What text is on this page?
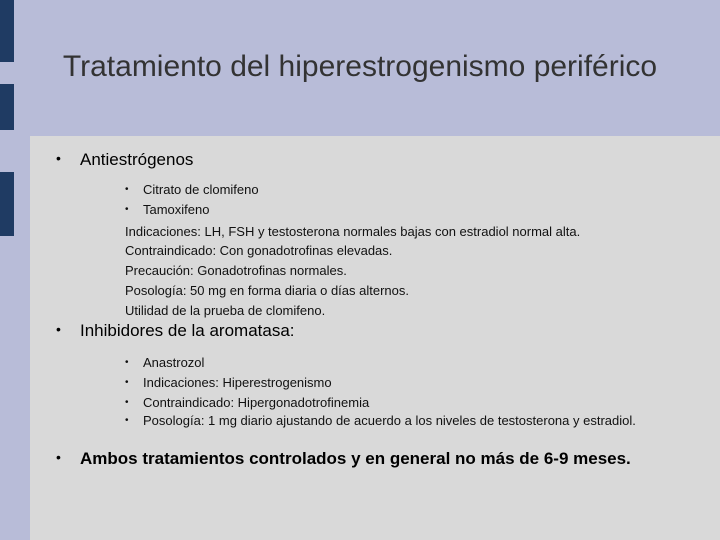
Tratamiento del hiperestrogenismo periférico
• Antiestrógenos
•	Citrato de clomifeno
•	Tamoxifeno
Indicaciones: LH, FSH y testosterona normales bajas con estradiol normal alta.
Contraindicado: Con gonadotrofinas elevadas.
Precaución: Gonadotrofinas normales.
Posología: 50 mg en forma diaria o días alternos.
Utilidad de la prueba de clomifeno.
• Inhibidores de la aromatasa:
•	Anastrozol
•	Indicaciones: Hiperestrogenismo
•	Contraindicado: Hipergonadotrofinemia
•	Posología: 1 mg diario ajustando de acuerdo a los niveles de testosterona y estradiol.
• Ambos tratamientos controlados y en general no más de 6-9 meses.
